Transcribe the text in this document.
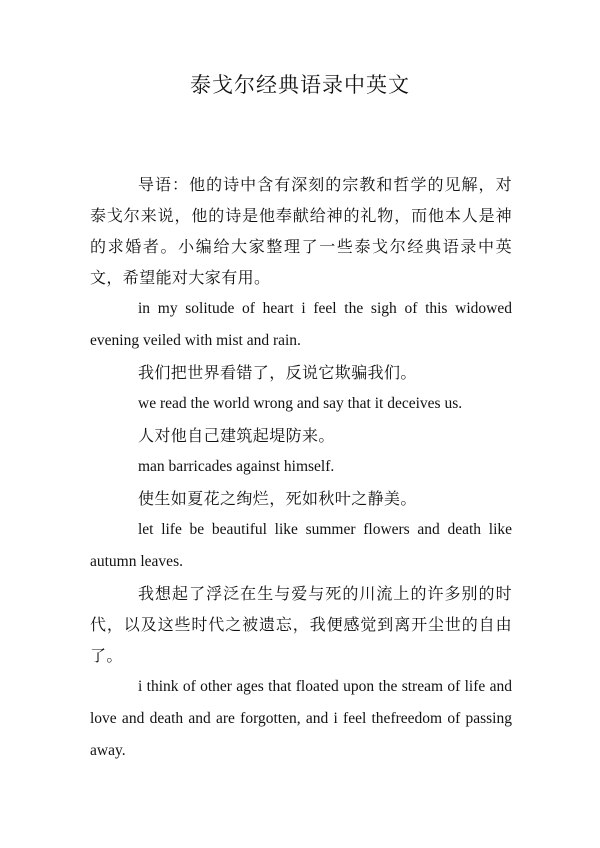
泰戈尔经典语录中英文

导语：他的诗中含有深刻的宗教和哲学的见解，对泰戈尔来说，他的诗是他奉献给神的礼物，而他本人是神的求婚者。小编给大家整理了一些泰戈尔经典语录中英文，希望能对大家有用。

in my solitude of heart i feel the sigh of this widowed evening veiled with mist and rain.

我们把世界看错了，反说它欺骗我们。

we read the world wrong and say that it deceives us.

人对他自己建筑起堤防来。

man barricades against himself.

使生如夏花之绚烂，死如秋叶之静美。

let life be beautiful like summer flowers and death like autumn leaves.

我想起了浮泛在生与爱与死的川流上的许多别的时代，以及这些时代之被遗忘，我便感觉到离开尘世的自由了。

i think of other ages that floated upon the stream of life and love and death and are forgotten, and i feel thefreedom of passing away.
